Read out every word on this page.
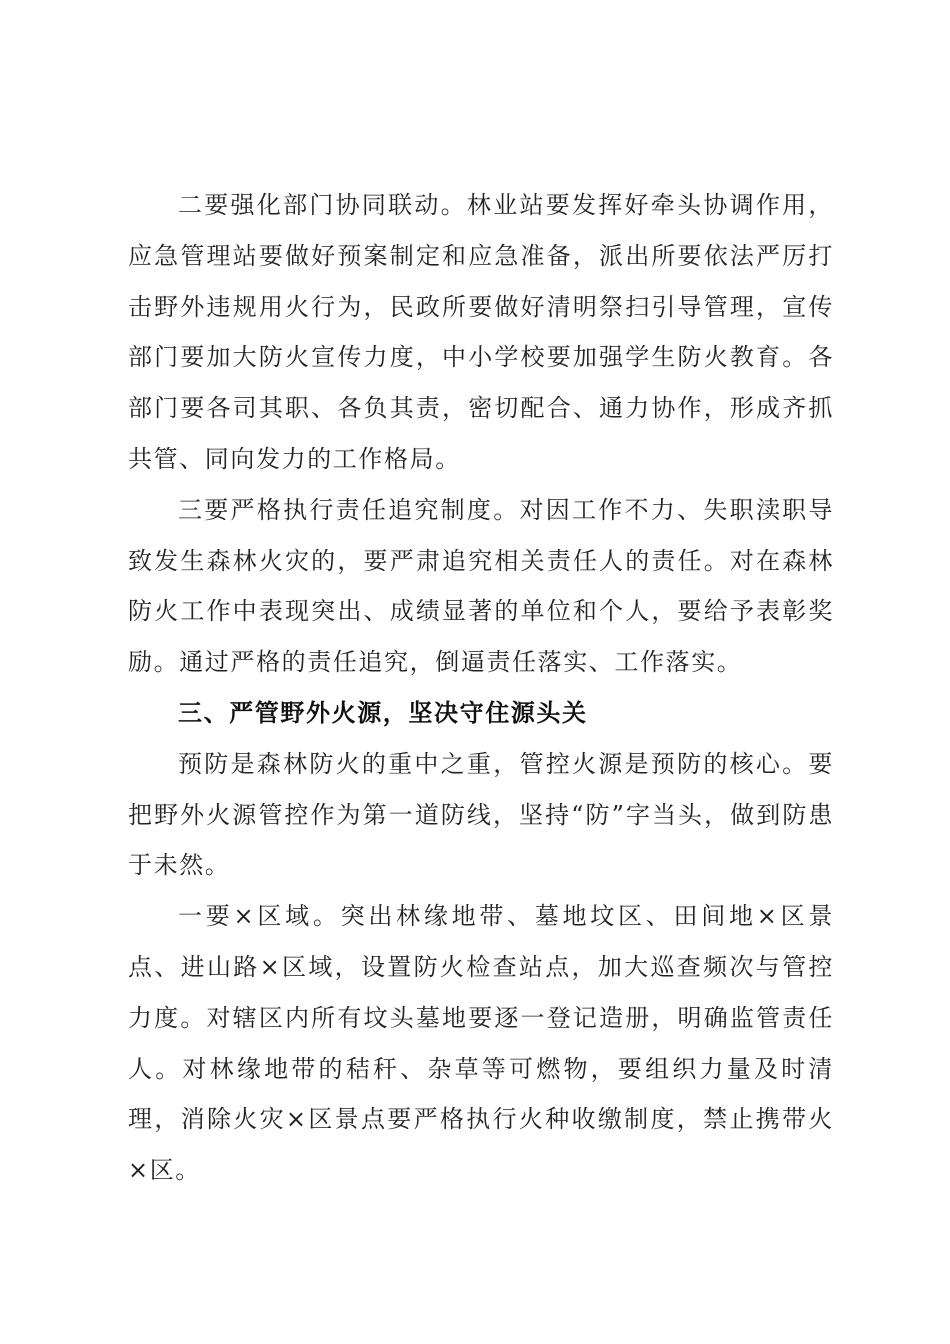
二要强化部门协同联动。林业站要发挥好牵头协调作用，应急管理站要做好预案制定和应急准备，派出所要依法严厉打击野外违规用火行为，民政所要做好清明祭扫引导管理，宣传部门要加大防火宣传力度，中小学校要加强学生防火教育。各部门要各司其职、各负其责，密切配合、通力协作，形成齐抓共管、同向发力的工作格局。

三要严格执行责任追究制度。对因工作不力、失职渎职导致发生森林火灾的，要严肃追究相关责任人的责任。对在森林防火工作中表现突出、成绩显著的单位和个人，要给予表彰奖励。通过严格的责任追究，倒逼责任落实、工作落实。

三、严管野外火源，坚决守住源头关

预防是森林防火的重中之重，管控火源是预防的核心。要把野外火源管控作为第一道防线，坚持“防”字当头，做到防患于未然。

一要×区域。突出林缘地带、墓地坟区、田间地×区景点、进山路×区域，设置防火检查站点，加大巡查频次与管控力度。对辖区内所有坟头墓地要逐一登记造册，明确监管责任人。对林缘地带的秸秆、杂草等可燃物，要组织力量及时清理，消除火灾×区景点要严格执行火种收缴制度，禁止携带火×区。
